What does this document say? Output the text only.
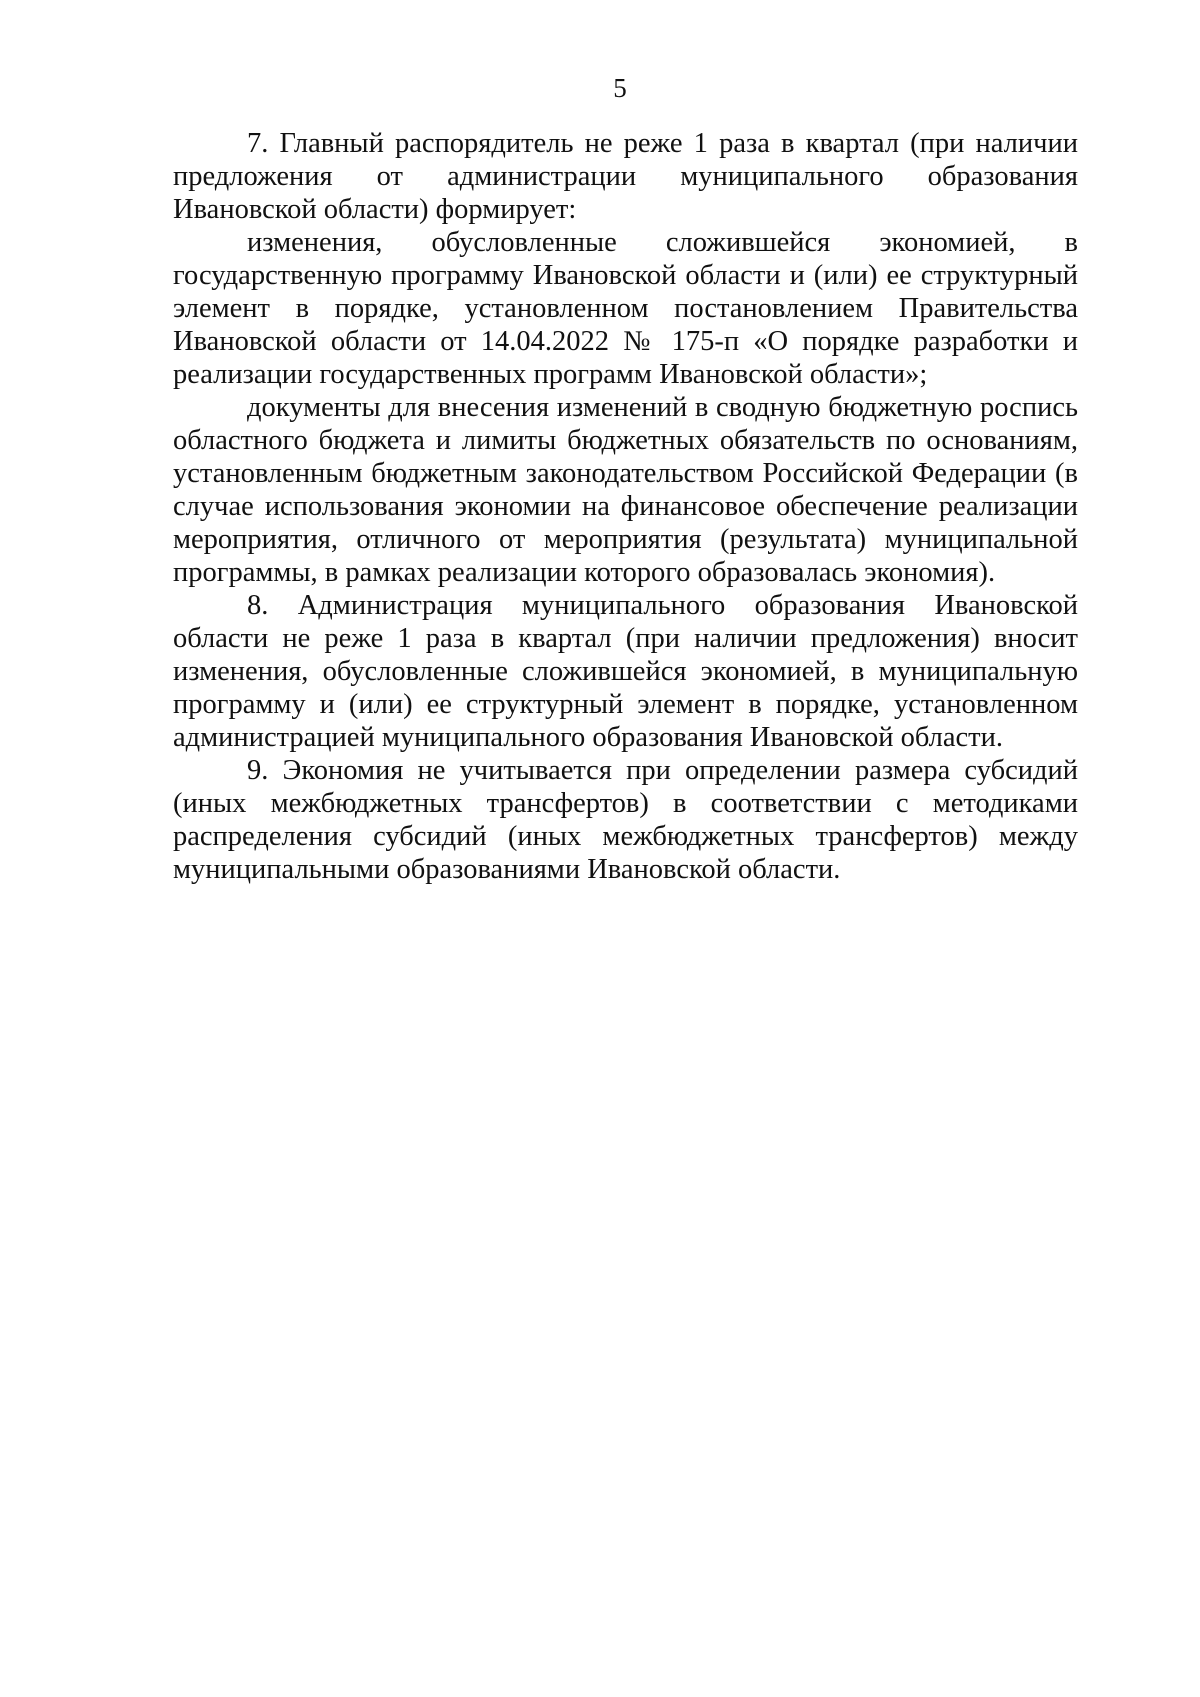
5

7. Главный распорядитель не реже 1 раза в квартал (при наличии предложения от администрации муниципального образования Ивановской области) формирует:

изменения, обусловленные сложившейся экономией, в государственную программу Ивановской области и (или) ее структурный элемент в порядке, установленном постановлением Правительства Ивановской области от 14.04.2022 № 175-п «О порядке разработки и реализации государственных программ Ивановской области»;

документы для внесения изменений в сводную бюджетную роспись областного бюджета и лимиты бюджетных обязательств по основаниям, установленным бюджетным законодательством Российской Федерации (в случае использования экономии на финансовое обеспечение реализации мероприятия, отличного от мероприятия (результата) муниципальной программы, в рамках реализации которого образовалась экономия).

8. Администрация муниципального образования Ивановской области не реже 1 раза в квартал (при наличии предложения) вносит изменения, обусловленные сложившейся экономией, в муниципальную программу и (или) ее структурный элемент в порядке, установленном администрацией муниципального образования Ивановской области.

9. Экономия не учитывается при определении размера субсидий (иных межбюджетных трансфертов) в соответствии с методиками распределения субсидий (иных межбюджетных трансфертов) между муниципальными образованиями Ивановской области.
